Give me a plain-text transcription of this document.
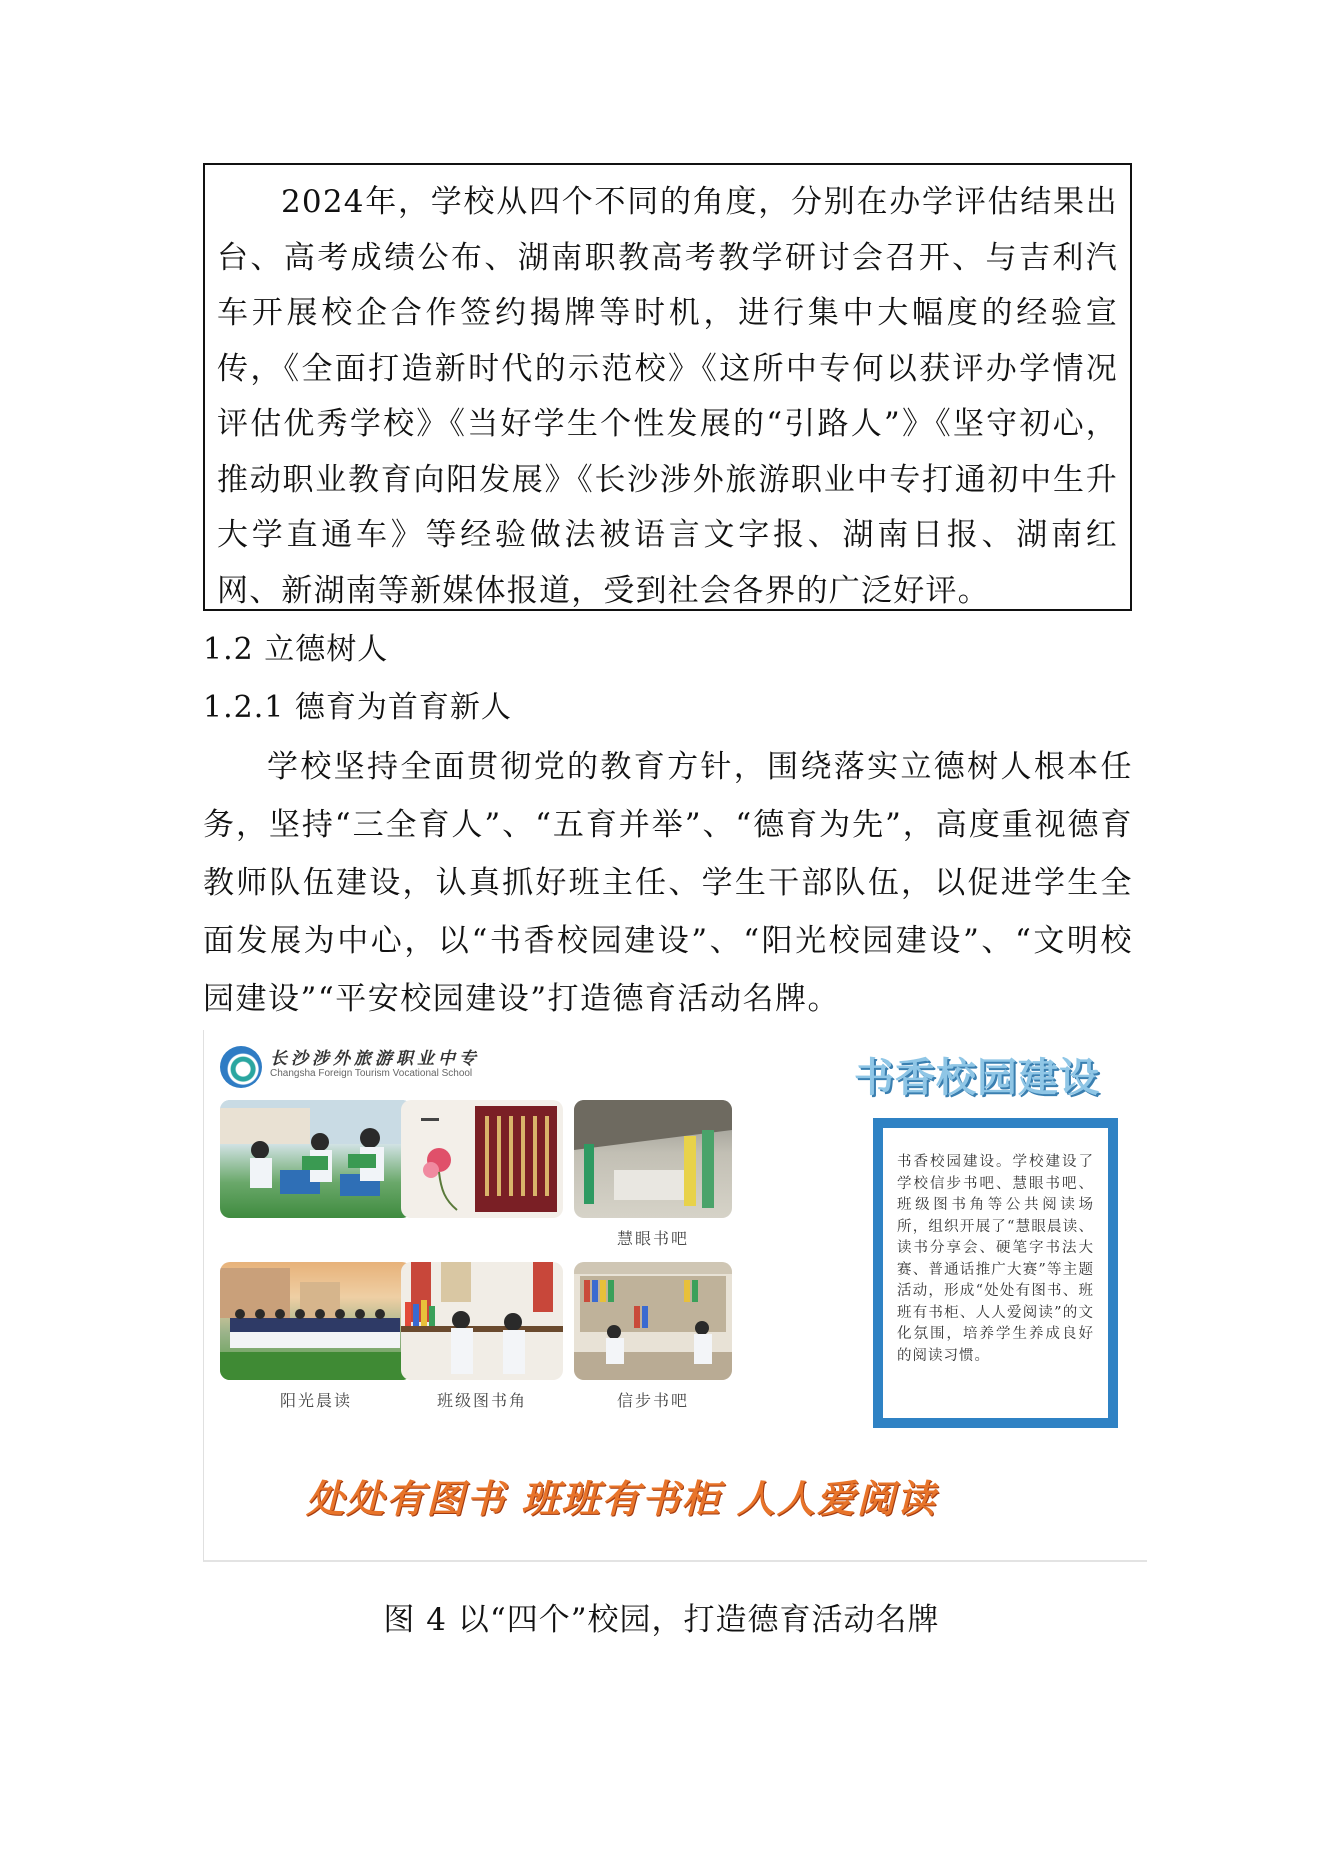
2024年，学校从四个不同的角度，分别在办学评估结果出台、高考成绩公布、湖南职教高考教学研讨会召开、与吉利汽车开展校企合作签约揭牌等时机，进行集中大幅度的经验宣传，《全面打造新时代的示范校》《这所中专何以获评办学情况评估优秀学校》《当好学生个性发展的“引路人”》《坚守初心，推动职业教育向阳发展》《长沙涉外旅游职业中专打通初中生升大学直通车》等经验做法被语言文字报、湖南日报、湖南红网、新湖南等新媒体报道，受到社会各界的广泛好评。

1.2 立德树人
1.2.1 德育为首育新人

学校坚持全面贯彻党的教育方针，围绕落实立德树人根本任务，坚持“三全育人”、“五育并举”、“德育为先”，高度重视德育教师队伍建设，认真抓好班主任、学生干部队伍，以促进学生全面发展为中心，以“书香校园建设”、“阳光校园建设”、“文明校园建设”“平安校园建设”打造德育活动名牌。

长沙涉外旅游职业中专
Changsha Foreign Tourism Vocational School	书香校园建设
慧眼书吧
阳光晨读	班级图书角	信步书吧
书香校园建设。学校建设了学校信步书吧、慧眼书吧、班级图书角等公共阅读场所，组织开展了“慧眼晨读、读书分享会、硬笔字书法大赛、普通话推广大赛”等主题活动，形成“处处有图书、班班有书柜、人人爱阅读”的文化氛围，培养学生养成良好的阅读习惯。
处处有图书 班班有书柜 人人爱阅读
图 4 以“四个”校园，打造德育活动名牌
